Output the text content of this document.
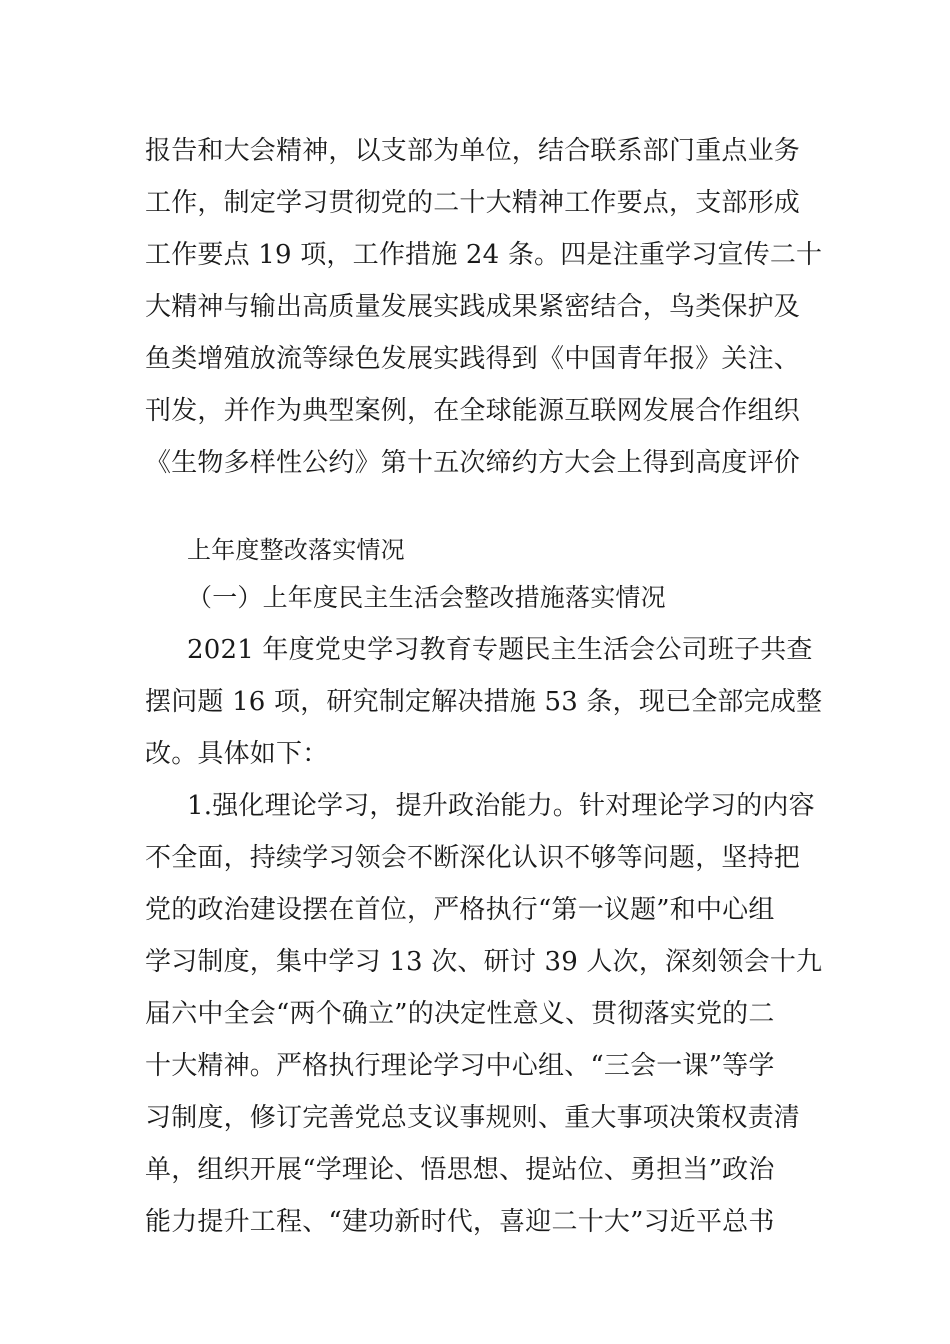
报告和大会精神，以支部为单位，结合联系部门重点业务
工作，制定学习贯彻党的二十大精神工作要点，支部形成
工作要点 19 项，工作措施 24 条。四是注重学习宣传二十
大精神与输出高质量发展实践成果紧密结合，鸟类保护及
鱼类增殖放流等绿色发展实践得到《中国青年报》关注、
刊发，并作为典型案例，在全球能源互联网发展合作组织
《生物多样性公约》第十五次缔约方大会上得到高度评价
上年度整改落实情况
（一）上年度民主生活会整改措施落实情况
2021 年度党史学习教育专题民主生活会公司班子共查
摆问题 16 项，研究制定解决措施 53 条，现已全部完成整
改。具体如下：
1.强化理论学习，提升政治能力。针对理论学习的内容
不全面，持续学习领会不断深化认识不够等问题，坚持把
党的政治建设摆在首位，严格执行“第一议题”和中心组
学习制度，集中学习 13 次、研讨 39 人次，深刻领会十九
届六中全会“两个确立”的决定性意义、贯彻落实党的二
十大精神。严格执行理论学习中心组、“三会一课”等学
习制度，修订完善党总支议事规则、重大事项决策权责清
单，组织开展“学理论、悟思想、提站位、勇担当”政治
能力提升工程、“建功新时代，喜迎二十大”习近平总书
